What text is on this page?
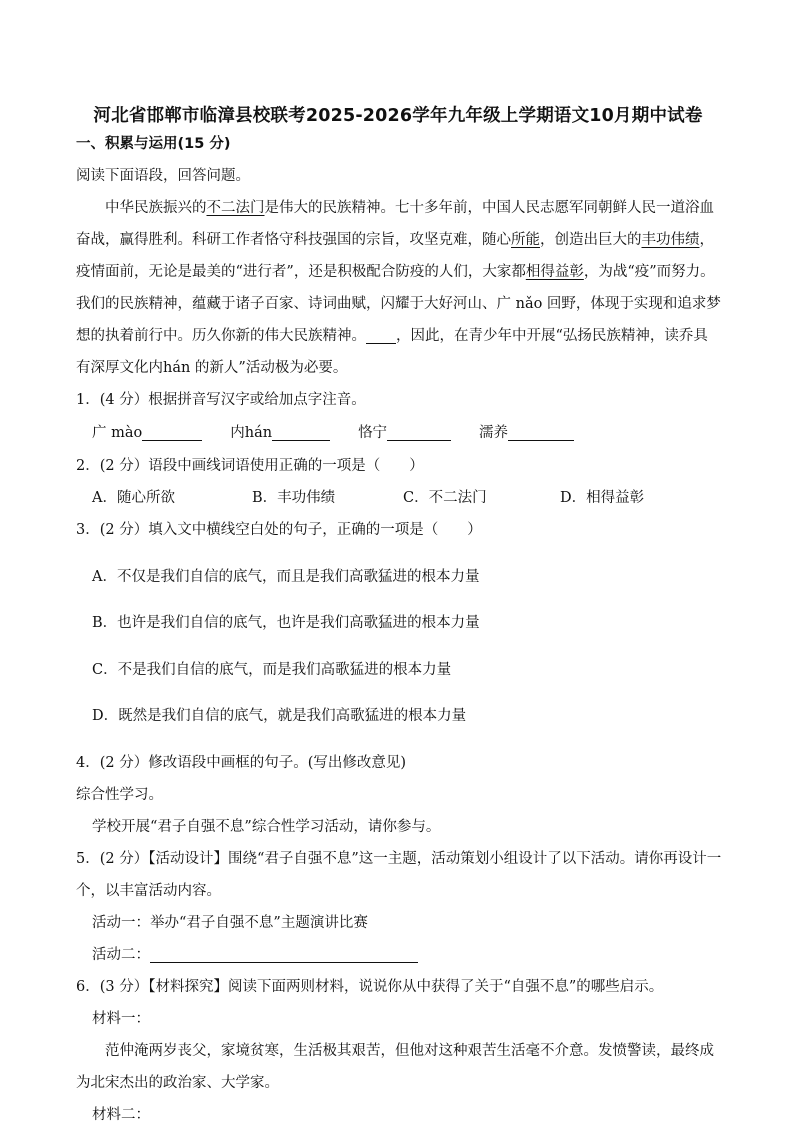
河北省邯郸市临漳县校联考2025-2026学年九年级上学期语文10月期中试卷
一、积累与运用(15 分)

阅读下面语段，回答问题。

中华民族振兴的不二法门是伟大的民族精神。七十多年前，中国人民志愿军同朝鲜人民一道浴血

奋战，赢得胜利。科研工作者恪守科技强国的宗旨，攻坚克难，随心所能，创造出巨大的丰功伟绩，

疫情面前，无论是最美的“进行者”，还是积极配合防疫的人们，大家都相得益彰，为战“疫”而努力。

我们的民族精神，蕴藏于诸子百家、诗词曲赋，闪耀于大好河山、广 nǎo 回野，体现于实现和追求梦

想的执着前行中。历久你新的伟大民族精神。 ，因此，在青少年中开展“弘扬民族精神，读乔具

有深厚文化内hán 的新人”活动极为必要。

1．(4 分）根据拼音写汉字或给加点字注音。

广 mào	内hán	恪宁	濡养

2．(2 分）语段中画线词语使用正确的一项是（　　）

A．随心所欲	B．丰功伟绩	C．不二法门	D．相得益彰

3．(2 分）填入文中横线空白处的句子，正确的一项是（　　）

A．不仅是我们自信的底气，而且是我们高歌猛进的根本力量

B．也许是我们自信的底气，也许是我们高歌猛进的根本力量

C．不是我们自信的底气，而是我们高歌猛进的根本力量

D．既然是我们自信的底气，就是我们高歌猛进的根本力量

4．(2 分）修改语段中画框的句子。(写出修改意见)

综合性学习。

学校开展“君子自强不息”综合性学习活动，请你参与。

5．(2 分）【活动设计】围绕“君子自强不息”这一主题，活动策划小组设计了以下活动。请你再设计一

个，以丰富活动内容。

活动一：举办“君子自强不息”主题演讲比赛

活动二：

6．(3 分）【材料探究】阅读下面两则材料，说说你从中获得了关于“自强不息”的哪些启示。

材料一：

范仲淹两岁丧父，家境贫寒，生活极其艰苦，但他对这种艰苦生活毫不介意。发愤警读，最终成

为北宋杰出的政治家、大学家。

材料二：
